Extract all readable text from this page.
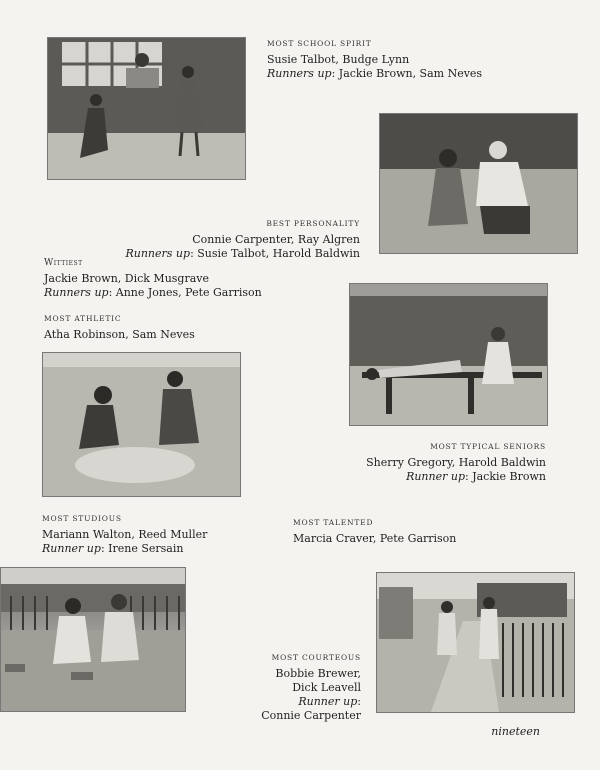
MOST SCHOOL SPIRIT
Susie Talbot, Budge Lynn
Runners up: Jackie Brown, Sam Neves
BEST PERSONALITY
Connie Carpenter, Ray Algren
Runners up: Susie Talbot, Harold Baldwin
Wittiest
Jackie Brown, Dick Musgrave
Runners up: Anne Jones, Pete Garrison
MOST ATHLETIC
Atha Robinson, Sam Neves
MOST TYPICAL SENIORS
Sherry Gregory, Harold Baldwin
Runner up: Jackie Brown
MOST STUDIOUS
Mariann Walton, Reed Muller
Runner up: Irene Sersain
MOST TALENTED
Marcia Craver, Pete Garrison
MOST COURTEOUS
Bobbie Brewer,
Dick Leavell
Runner up:
Connie Carpenter
nineteen
